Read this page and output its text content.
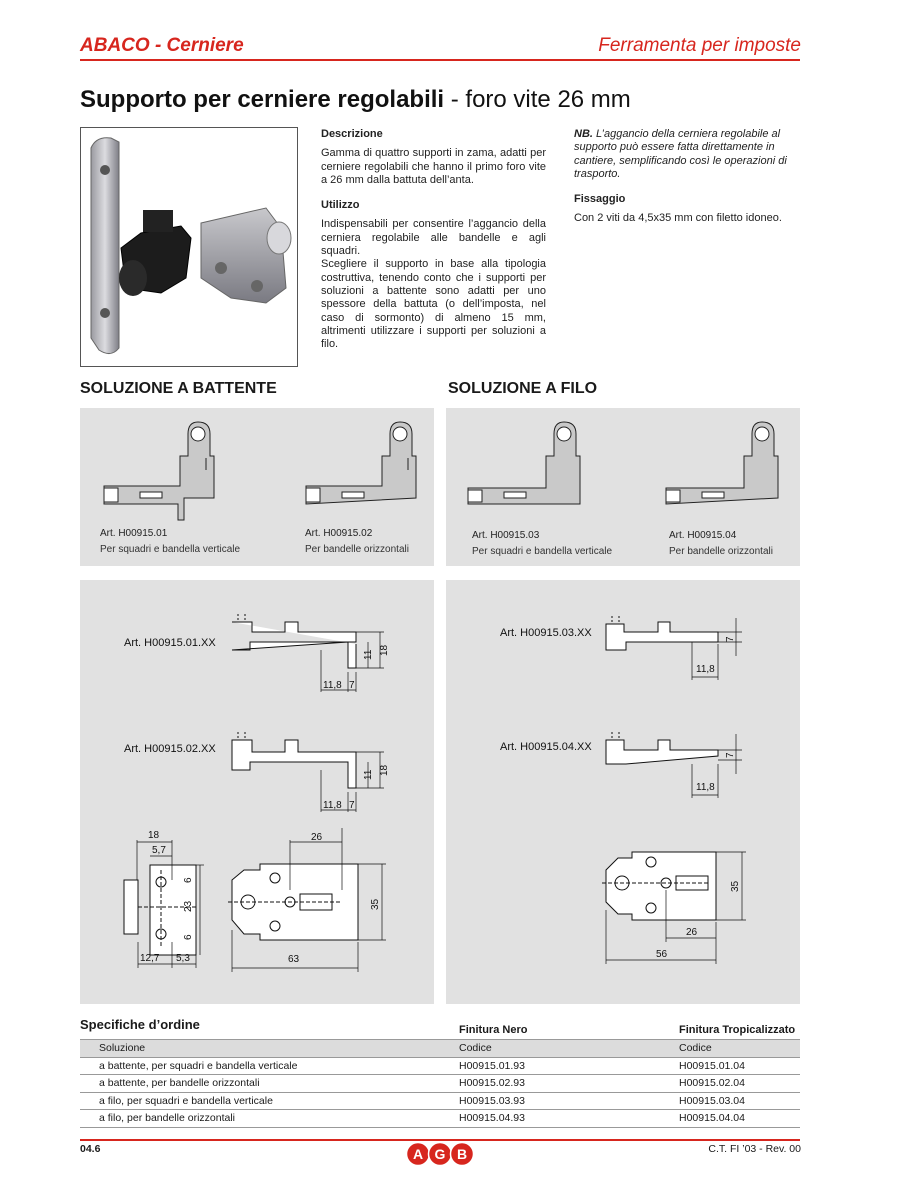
ABACO - Cerniere	Ferramenta per imposte
Supporto per cerniere regolabili - foro vite 26 mm
Descrizione

Gamma di quattro supporti in zama, adatti per cerniere regolabili che hanno il primo foro vite a 26 mm dalla battuta dell’anta.

Utilizzo

Indispensabili per consentire l’aggancio della cerniera regolabile alle bandelle e agli squadri.

Scegliere il supporto in base alla tipologia costruttiva, tenendo conto che i supporti per soluzioni a battente sono adatti per uno spessore della battuta (o dell’imposta, nel caso di sormonto) di almeno 15 mm, altrimenti utilizzare i supporti per soluzioni a filo.

NB. L’aggancio della cerniera regolabile al supporto può essere fatta direttamente in cantiere, semplificando così le operazioni di trasporto.

Fissaggio

Con 2 viti da 4,5x35 mm con filetto idoneo.

SOLUZIONE A BATTENTE	SOLUZIONE A FILO
Art. H00915.01
Per squadri e bandella verticale
Art. H00915.02
Per bandelle orizzontali
Art. H00915.03
Per squadri e bandella verticale
Art. H00915.04
Per bandelle orizzontali
11 18
11,8 7
11 18
11,8 7
26
35
63
18
5,7
6
23
6
12,7 5,3
Art. H00915.01.XX
Art. H00915.02.XX
7
11,8
7
11,8
35
26
56
Art. H00915.03.XX
Art. H00915.04.XX
Specifiche d’ordine	Finitura Nero	Finitura Tropicalizzato
Soluzione	Codice	Codice
a battente, per squadri e bandella verticale	H00915.01.93	H00915.01.04
a battente, per bandelle orizzontali	H00915.02.93	H00915.02.04
a filo, per squadri e bandella verticale	H00915.03.93	H00915.03.04
a filo, per bandelle orizzontali	H00915.04.93	H00915.04.04
04.6	C.T. FI ’03 - Rev. 00
A G B
